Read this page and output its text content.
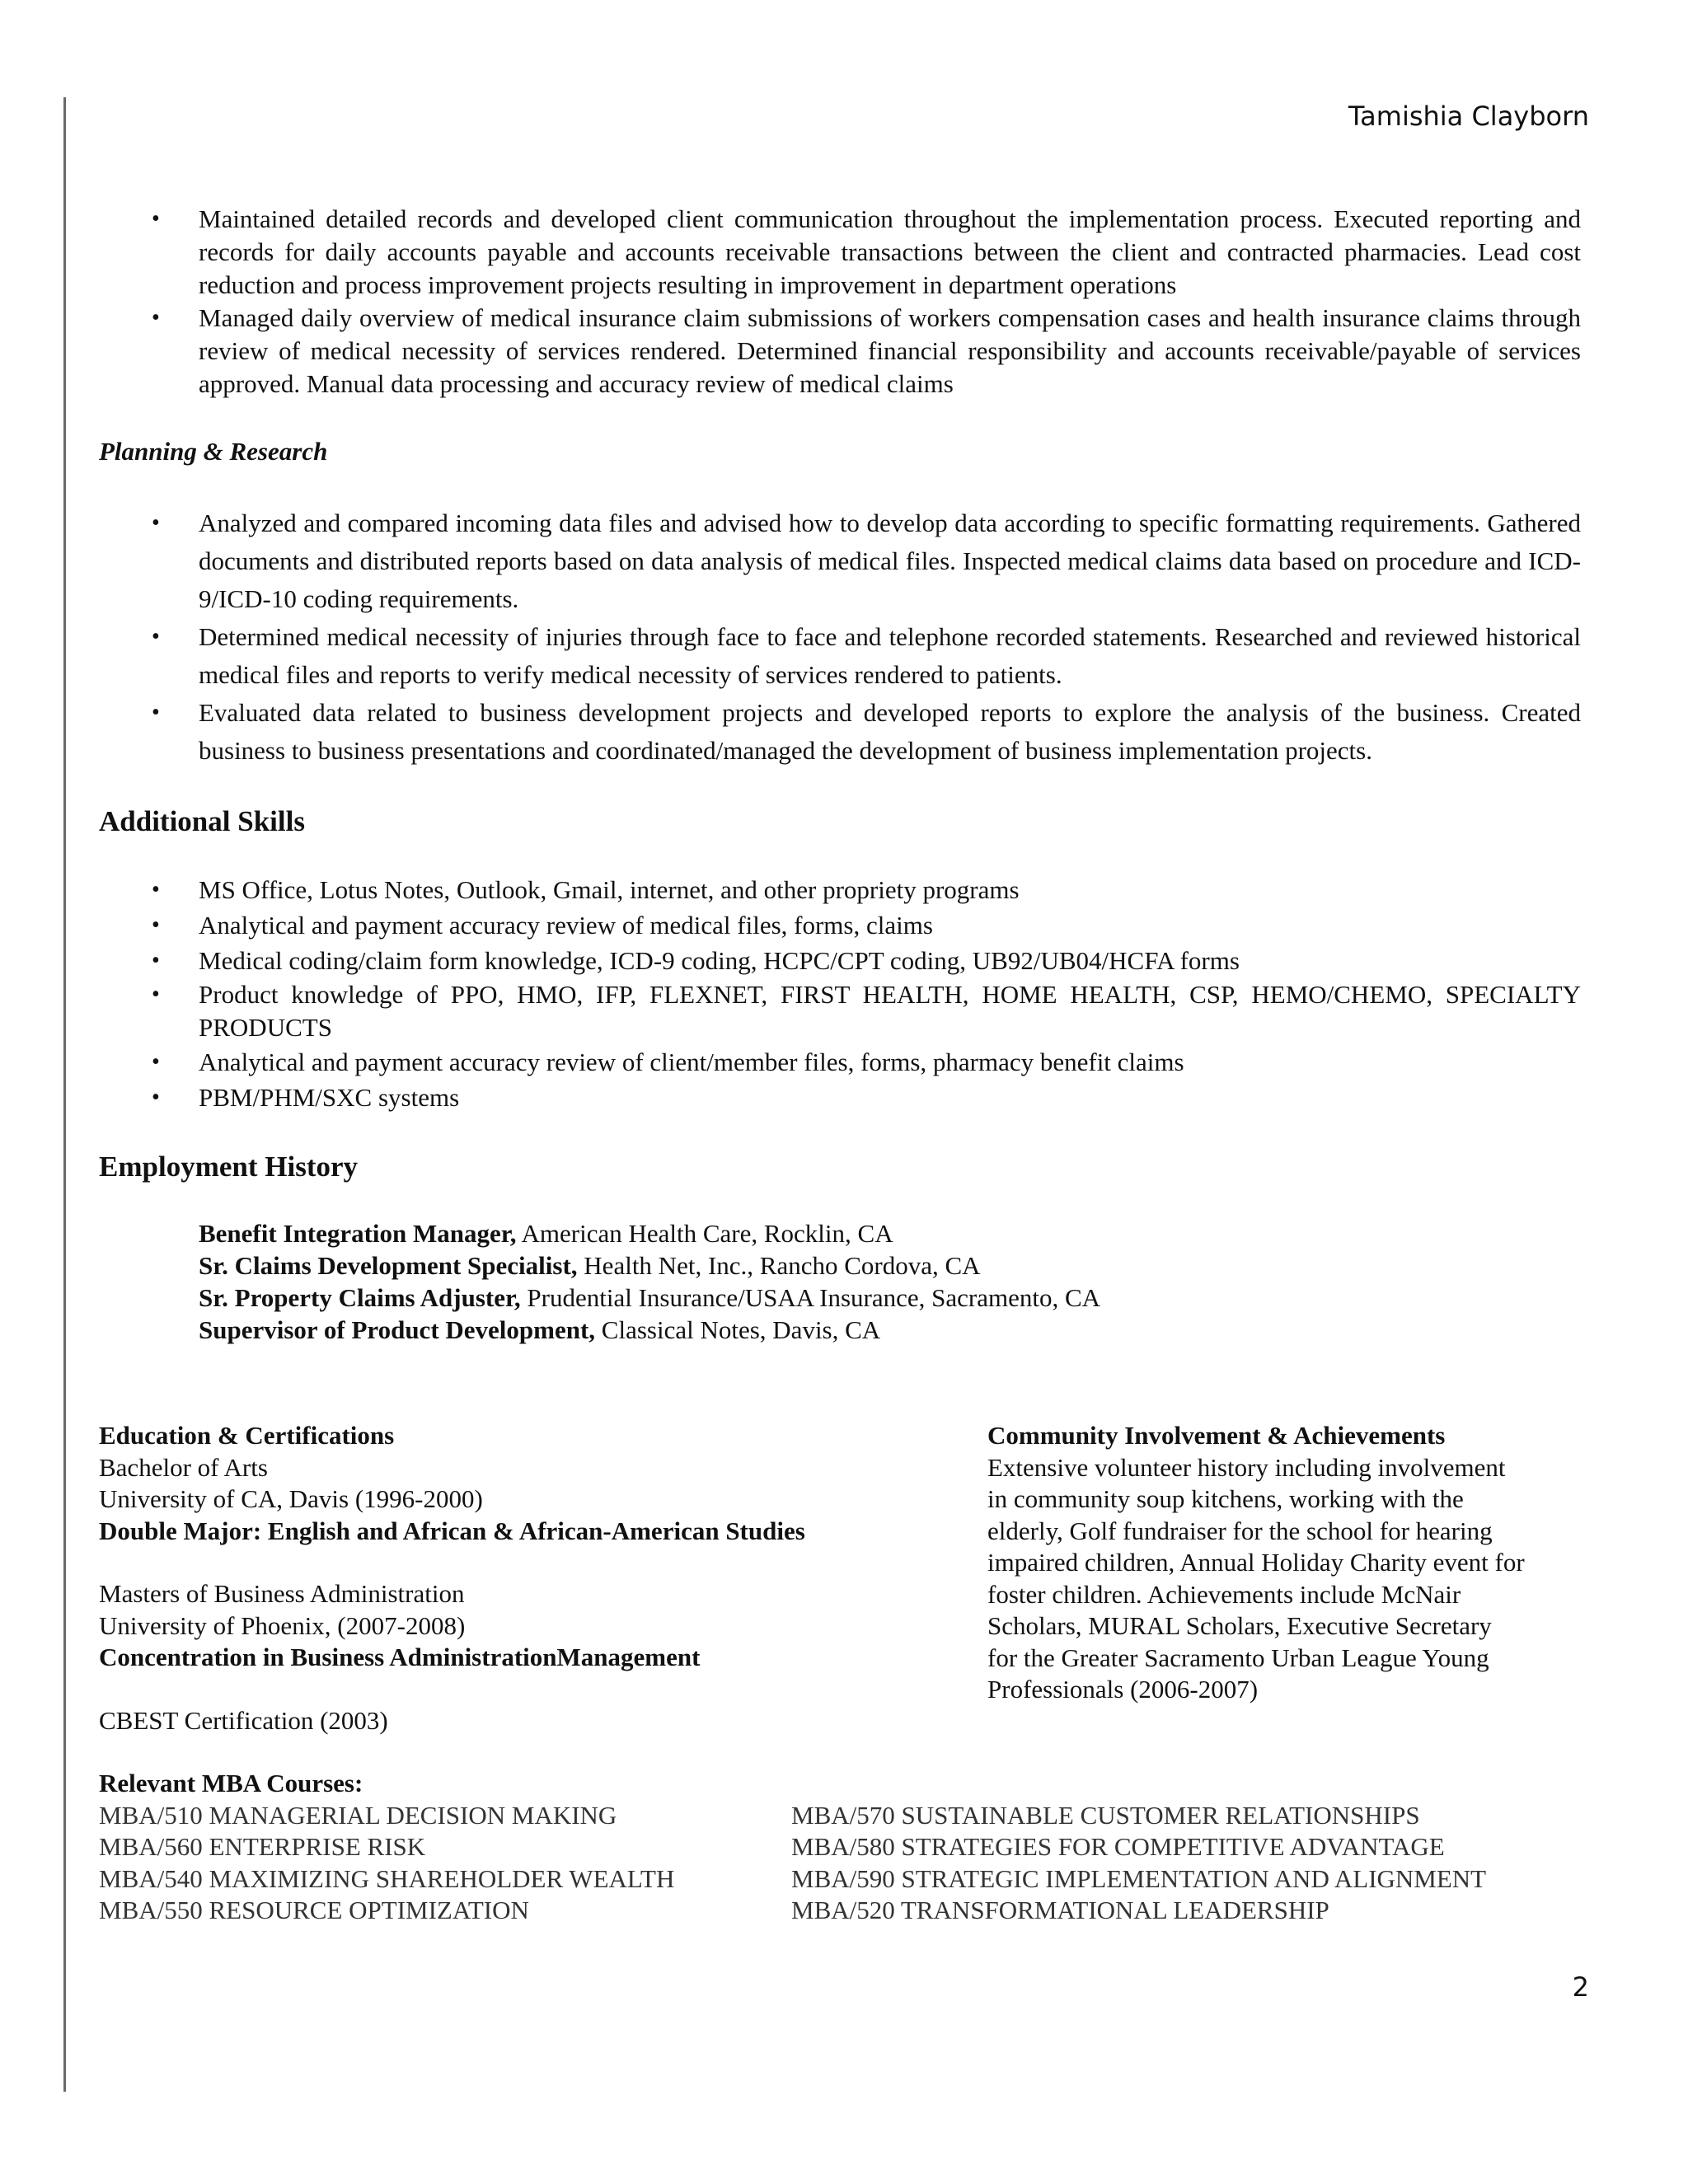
Tamishia Clayborn
• Maintained detailed records and developed client communication throughout the implementation process. Executed reporting and records for daily accounts payable and accounts receivable transactions between the client and contracted pharmacies. Lead cost reduction and process improvement projects resulting in improvement in department operations
• Managed daily overview of medical insurance claim submissions of workers compensation cases and health insurance claims through review of medical necessity of services rendered. Determined financial responsibility and accounts receivable/payable of services approved. Manual data processing and accuracy review of medical claims
Planning & Research
• Analyzed and compared incoming data files and advised how to develop data according to specific formatting requirements. Gathered documents and distributed reports based on data analysis of medical files. Inspected medical claims data based on procedure and ICD-9/ICD-10 coding requirements.
• Determined medical necessity of injuries through face to face and telephone recorded statements. Researched and reviewed historical medical files and reports to verify medical necessity of services rendered to patients.
• Evaluated data related to business development projects and developed reports to explore the analysis of the business. Created business to business presentations and coordinated/managed the development of business implementation projects.
Additional Skills
• MS Office, Lotus Notes, Outlook, Gmail, internet, and other propriety programs
• Analytical and payment accuracy review of medical files, forms, claims
• Medical coding/claim form knowledge, ICD-9 coding, HCPC/CPT coding, UB92/UB04/HCFA forms
• Product knowledge of PPO, HMO, IFP, FLEXNET, FIRST HEALTH, HOME HEALTH, CSP, HEMO/CHEMO, SPECIALTY PRODUCTS
• Analytical and payment accuracy review of client/member files, forms, pharmacy benefit claims
• PBM/PHM/SXC systems
Employment History
Benefit Integration Manager, American Health Care, Rocklin, CA
Sr. Claims Development Specialist, Health Net, Inc., Rancho Cordova, CA
Sr. Property Claims Adjuster, Prudential Insurance/USAA Insurance, Sacramento, CA
Supervisor of Product Development, Classical Notes, Davis, CA
Education & Certifications
Bachelor of Arts
University of CA, Davis (1996-2000)
Double Major: English and African & African-American Studies
Masters of Business Administration
University of Phoenix, (2007-2008)
Concentration in Business AdministrationManagement
CBEST Certification (2003)
Community Involvement & Achievements
Extensive volunteer history including involvement
in community soup kitchens, working with the
elderly, Golf fundraiser for the school for hearing
impaired children, Annual Holiday Charity event for
foster children. Achievements include McNair
Scholars, MURAL Scholars, Executive Secretary
for the Greater Sacramento Urban League Young
Professionals (2006-2007)
Relevant MBA Courses:
MBA/510 MANAGERIAL DECISION MAKING	MBA/570 SUSTAINABLE CUSTOMER RELATIONSHIPS
MBA/560 ENTERPRISE RISK	MBA/580 STRATEGIES FOR COMPETITIVE ADVANTAGE
MBA/540 MAXIMIZING SHAREHOLDER WEALTH	MBA/590 STRATEGIC IMPLEMENTATION AND ALIGNMENT
MBA/550 RESOURCE OPTIMIZATION	MBA/520 TRANSFORMATIONAL LEADERSHIP
2
